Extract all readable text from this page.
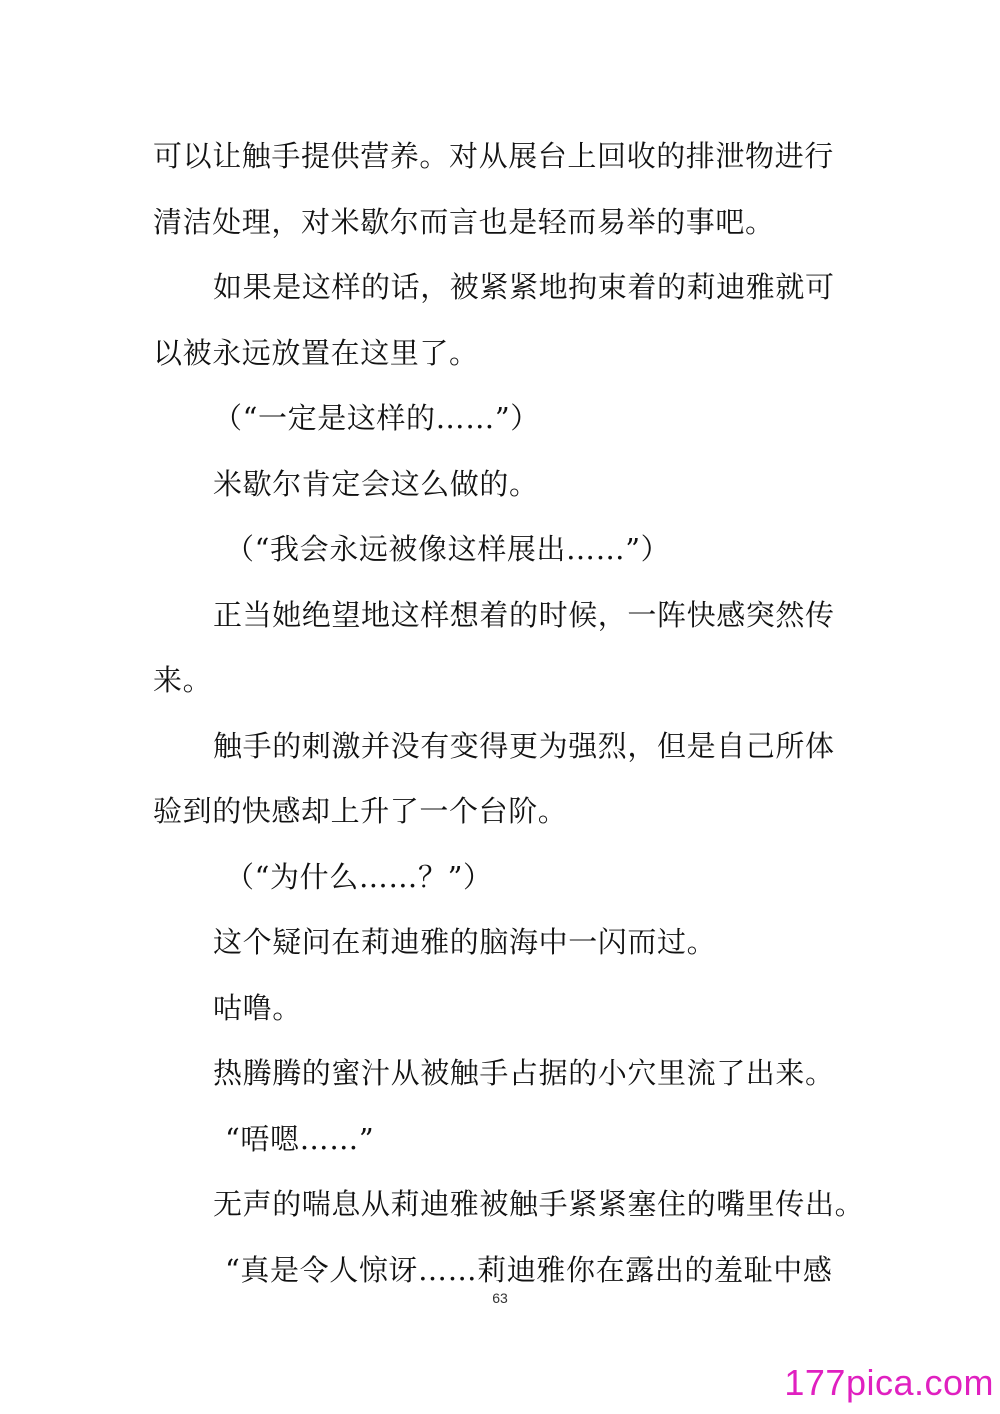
可以让触手提供营养。对从展台上回收的排泄物进行
清洁处理，对米歇尔而言也是轻而易举的事吧。
如果是这样的话，被紧紧地拘束着的莉迪雅就可
以被永远放置在这里了。
（“一定是这样的……”）
米歇尔肯定会这么做的。
（“我会永远被像这样展出……”）
正当她绝望地这样想着的时候，一阵快感突然传
来。
触手的刺激并没有变得更为强烈，但是自己所体
验到的快感却上升了一个台阶。
（“为什么……？”）
这个疑问在莉迪雅的脑海中一闪而过。
咕噜。
热腾腾的蜜汁从被触手占据的小穴里流了出来。
“唔嗯……”
无声的喘息从莉迪雅被触手紧紧塞住的嘴里传出。
“真是令人惊讶……莉迪雅你在露出的羞耻中感
63
177pica.com
